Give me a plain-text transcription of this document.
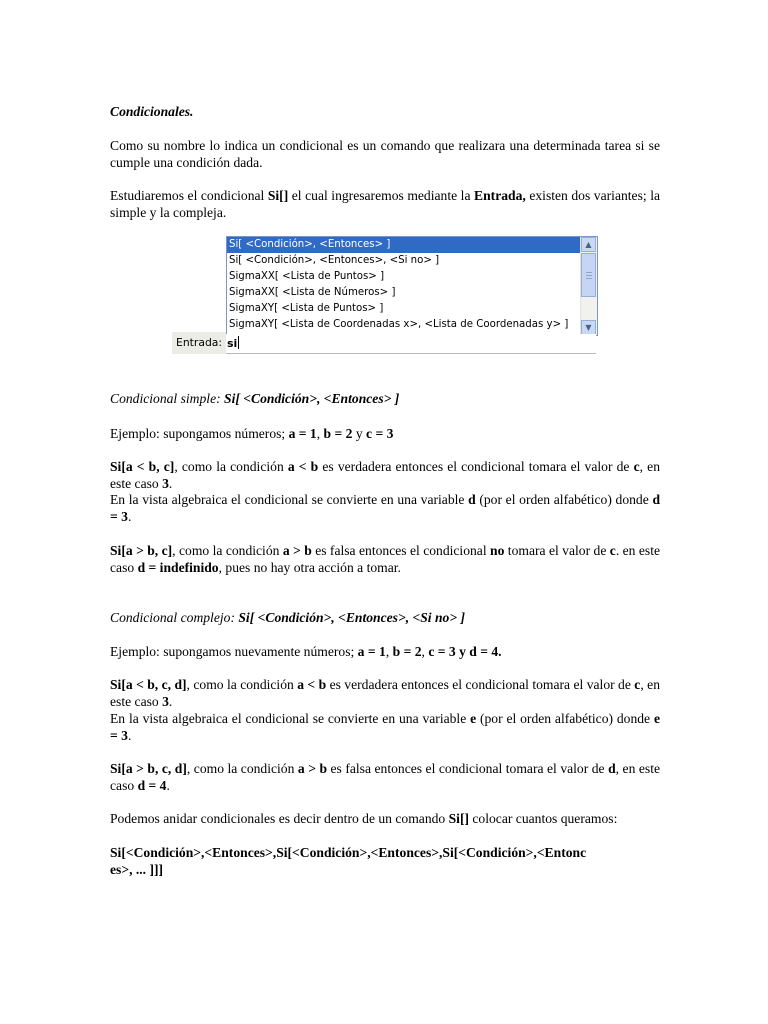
Condicionales.

Como su nombre lo indica un condicional es un comando que realizara una determinada tarea si se cumple una condición dada.

Estudiaremos el condicional Si[] el cual ingresaremos mediante la Entrada, existen dos variantes; la simple y la compleja.

Condicional simple: Si[ <Condición>, <Entonces> ]

Ejemplo: supongamos números; a = 1, b = 2 y c = 3

Si[a < b, c], como la condición a < b es verdadera entonces el condicional tomara el valor de c, en este caso 3.

En la vista algebraica el condicional se convierte en una variable d (por el orden alfabético) donde d = 3.

Si[a > b, c], como la condición a > b es falsa entonces el condicional no tomara el valor de c. en este caso d = indefinido, pues no hay otra acción a tomar.

Condicional complejo: Si[ <Condición>, <Entonces>, <Si no> ]

Ejemplo: supongamos nuevamente números; a = 1, b = 2, c = 3 y d = 4.

Si[a < b, c, d], como la condición a < b es verdadera entonces el condicional tomara el valor de c, en este caso 3.

En la vista algebraica el condicional se convierte en una variable e (por el orden alfabético) donde e = 3.

Si[a > b, c, d], como la condición a > b es falsa entonces el condicional tomara el valor de d, en este caso d = 4.

Podemos anidar condicionales es decir dentro de un comando Si[] colocar cuantos queramos:

Si[<Condición>,<Entonces>,Si[<Condición>,<Entonces>,Si[<Condición>,<Entonc

es>, ... ]]]

Si[ <Condición>, <Entonces> ]
Si[ <Condición>, <Entonces>, <Si no> ]
SigmaXX[ <Lista de Puntos> ]
SigmaXX[ <Lista de Números> ]
SigmaXY[ <Lista de Puntos> ]
SigmaXY[ <Lista de Coordenadas x>, <Lista de Coordenadas y> ]
▲
▼
Entrada: si
